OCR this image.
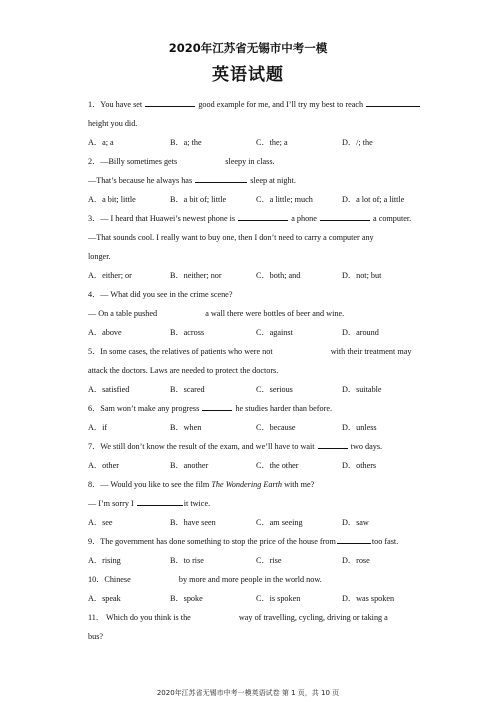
2020年江苏省无锡市中考一模
英语试题
1．You have set	good example for me, and I’ll try my best to reach
height you did.
A．a; a	B．a; the	C．the; a	D．/; the
2．—Billy sometimes gets	sleepy in class.
—That’s because he always has	sleep at night.
A．a bit; little	B．a bit of; little	C．a little; much	D．a lot of; a little
3．— I heard that Huawei’s newest phone is	a phone	a computer.
—That sounds cool. I really want to buy one, then I don’t need to carry a computer any
longer.
A．either; or	B．neither; nor	C．both; and	D．not; but
4．— What did you see in the crime scene?
— On a table pushed	a wall there were bottles of beer and wine.
A．above	B．across	C．against	D．around
5．In some cases, the relatives of patients who were not	with their treatment may
attack the doctors. Laws are needed to protect the doctors.
A．satisfied	B．scared	C．serious	D．suitable
6．Sam won’t make any progress	he studies harder than before.
A．if	B．when	C．because	D．unless
7．We still don’t know the result of the exam, and we’ll have to wait	two days.
A．other	B．another	C．the other	D．others
8．— Would you like to see the film The Wondering Earth with me?
— I’m sorry I	it twice.
A．see	B．have seen	C．am seeing	D．saw
9．The government has done something to stop the price of the house from	too fast.
A．rising	B．to rise	C．rise	D．rose
10．Chinese	by more and more people in the world now.
A．speak	B．spoke	C．is spoken	D．was spoken
11． Which do you think is the	way of travelling, cycling, driving or taking a
bus?
2020年江苏省无锡市中考一模英语试卷 第 1 页，共 10 页
